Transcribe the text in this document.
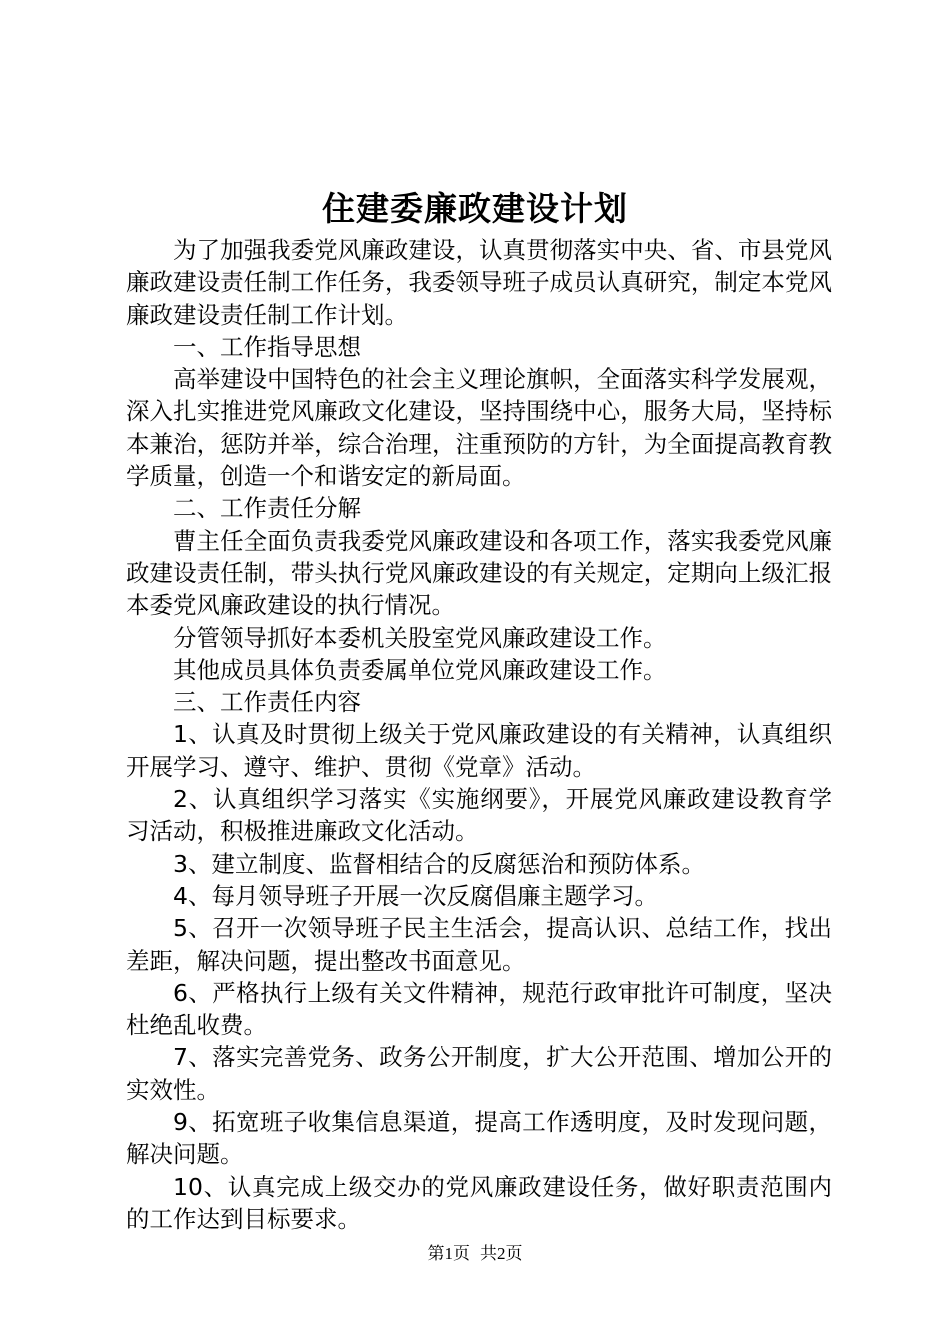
住建委廉政建设计划

为了加强我委党风廉政建设，认真贯彻落实中央、省、市县党风廉政建设责任制工作任务，我委领导班子成员认真研究，制定本党风廉政建设责任制工作计划。

一、工作指导思想

高举建设中国特色的社会主义理论旗帜，全面落实科学发展观，深入扎实推进党风廉政文化建设，坚持围绕中心，服务大局，坚持标本兼治，惩防并举，综合治理，注重预防的方针，为全面提高教育教学质量，创造一个和谐安定的新局面。

二、工作责任分解

曹主任全面负责我委党风廉政建设和各项工作，落实我委党风廉政建设责任制，带头执行党风廉政建设的有关规定，定期向上级汇报本委党风廉政建设的执行情况。

分管领导抓好本委机关股室党风廉政建设工作。

其他成员具体负责委属单位党风廉政建设工作。

三、工作责任内容

1、认真及时贯彻上级关于党风廉政建设的有关精神，认真组织开展学习、遵守、维护、贯彻《党章》活动。

2、认真组织学习落实《实施纲要》，开展党风廉政建设教育学习活动，积极推进廉政文化活动。

3、建立制度、监督相结合的反腐惩治和预防体系。

4、每月领导班子开展一次反腐倡廉主题学习。

5、召开一次领导班子民主生活会，提高认识、总结工作，找出差距，解决问题，提出整改书面意见。

6、严格执行上级有关文件精神，规范行政审批许可制度，坚决杜绝乱收费。

7、落实完善党务、政务公开制度，扩大公开范围、增加公开的实效性。

9、拓宽班子收集信息渠道，提高工作透明度，及时发现问题，解决问题。

10、认真完成上级交办的党风廉政建设任务，做好职责范围内的工作达到目标要求。

第1页 共2页
